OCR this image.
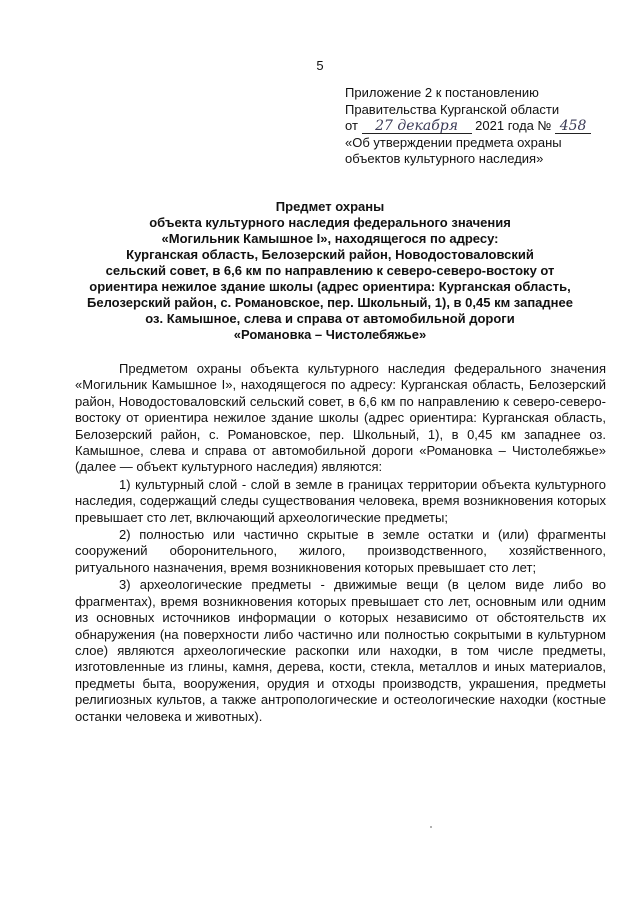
5
Приложение 2 к постановлению
Правительства Курганской области
от 27 декабря 2021 года № 458
«Об утверждении предмета охраны
объектов культурного наследия»
Предмет охраны
объекта культурного наследия федерального значения
«Могильник Камышное I», находящегося по адресу:
Курганская область, Белозерский район, Новодостоваловский
сельский совет, в 6,6 км по направлению к северо-северо-востоку от
ориентира нежилое здание школы (адрес ориентира: Курганская область,
Белозерский район, с. Романовское, пер. Школьный, 1), в 0,45 км западнее
оз. Камышное, слева и справа от автомобильной дороги
«Романовка – Чистолебяжье»

Предметом охраны объекта культурного наследия федерального значения «Могильник Камышное I», находящегося по адресу: Курганская область, Белозерский район, Новодостоваловский сельский совет, в 6,6 км по направлению к северо-северо-востоку от ориентира нежилое здание школы (адрес ориентира: Курганская область, Белозерский район, с. Романовское, пер. Школьный, 1), в 0,45 км западнее оз. Камышное, слева и справа от автомобильной дороги «Романовка – Чистолебяжье» (далее — объект культурного наследия) являются:

1) культурный слой - слой в земле в границах территории объекта культурного наследия, содержащий следы существования человека, время возникновения которых превышает сто лет, включающий археологические предметы;

2) полностью или частично скрытые в земле остатки и (или) фрагменты сооружений оборонительного, жилого, производственного, хозяйственного, ритуального назначения, время возникновения которых превышает сто лет;

3) археологические предметы - движимые вещи (в целом виде либо во фрагментах), время возникновения которых превышает сто лет, основным или одним из основных источников информации о которых независимо от обстоятельств их обнаружения (на поверхности либо частично или полностью сокрытыми в культурном слое) являются археологические раскопки или находки, в том числе предметы, изготовленные из глины, камня, дерева, кости, стекла, металлов и иных материалов, предметы быта, вооружения, орудия и отходы производств, украшения, предметы религиозных культов, а также антропологические и остеологические находки (костные останки человека и животных).
